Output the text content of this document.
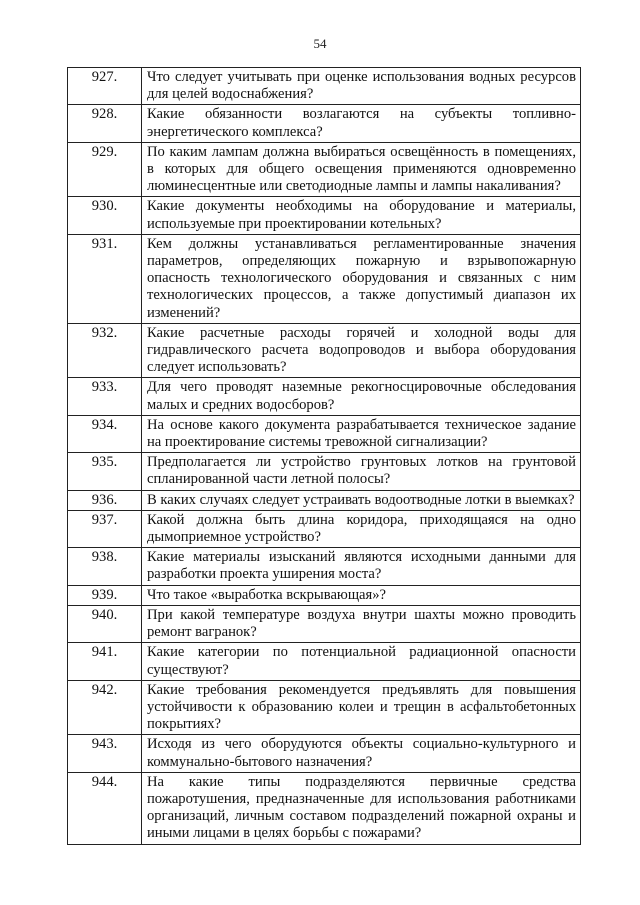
54
927.	Что следует учитывать при оценке использования водных ресурсов для целей водоснабжения?
928.	Какие обязанности возлагаются на субъекты топливно-энергетического комплекса?
929.	По каким лампам должна выбираться освещённость в помещениях, в которых для общего освещения применяются одновременно люминесцентные или светодиодные лампы и лампы накаливания?
930.	Какие документы необходимы на оборудование и материалы, используемые при проектировании котельных?
931.	Кем должны устанавливаться регламентированные значения параметров, определяющих пожарную и взрывопожарную опасность технологического оборудования и связанных с ним технологических процессов, а также допустимый диапазон их изменений?
932.	Какие расчетные расходы горячей и холодной воды для гидравлического расчета водопроводов и выбора оборудования следует использовать?
933.	Для чего проводят наземные рекогносцировочные обследования малых и средних водосборов?
934.	На основе какого документа разрабатывается техническое задание на проектирование системы тревожной сигнализации?
935.	Предполагается ли устройство грунтовых лотков на грунтовой спланированной части летной полосы?
936.	В каких случаях следует устраивать водоотводные лотки в выемках?
937.	Какой должна быть длина коридора, приходящаяся на одно дымоприемное устройство?
938.	Какие материалы изысканий являются исходными данными для разработки проекта уширения моста?
939.	Что такое «выработка вскрывающая»?
940.	При какой температуре воздуха внутри шахты можно проводить ремонт вагранок?
941.	Какие категории по потенциальной радиационной опасности существуют?
942.	Какие требования рекомендуется предъявлять для повышения устойчивости к образованию колеи и трещин в асфальтобетонных покрытиях?
943.	Исходя из чего оборудуются объекты социально-культурного и коммунально-бытового назначения?
944.	На какие типы подразделяются первичные средства пожаротушения, предназначенные для использования работниками организаций, личным составом подразделений пожарной охраны и иными лицами в целях борьбы с пожарами?
